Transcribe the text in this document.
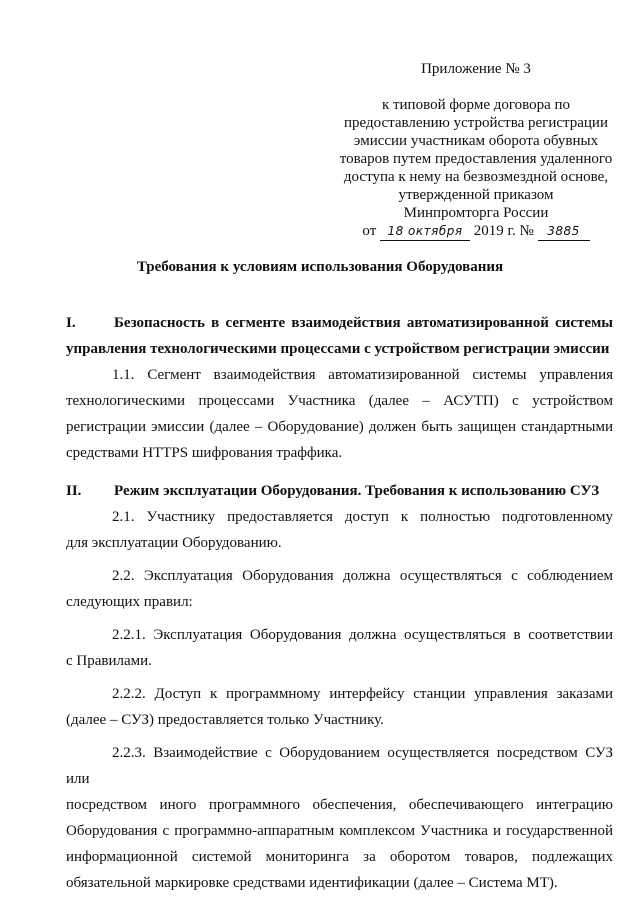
Приложение № 3
к типовой форме договора по
предоставлению устройства регистрации
эмиссии участникам оборота обувных
товаров путем предоставления удаленного
доступа к нему на безвозмездной основе,
утвержденной приказом
Минпромторга России
от 18 октября 2019 г. № 3885
Требования к условиям использования Оборудования
I.	Безопасность в сегменте взаимодействия автоматизированной системы
управления технологическими процессами с устройством регистрации эмиссии
1.1. Сегмент взаимодействия автоматизированной системы управления
технологическими процессами Участника (далее – АСУТП) с устройством
регистрации эмиссии (далее – Оборудование) должен быть защищен стандартными
средствами HTTPS шифрования траффика.
II. Режим эксплуатации Оборудования. Требования к использованию СУЗ
2.1. Участнику предоставляется доступ к полностью подготовленному
для эксплуатации Оборудованию.
2.2. Эксплуатация Оборудования должна осуществляться с соблюдением
следующих правил:
2.2.1. Эксплуатация Оборудования должна осуществляться в соответствии
с Правилами.
2.2.2. Доступ к программному интерфейсу станции управления заказами
(далее – СУЗ) предоставляется только Участнику.
2.2.3. Взаимодействие с Оборудованием осуществляется посредством СУЗ или
посредством иного программного обеспечения, обеспечивающего интеграцию
Оборудования с программно-аппаратным комплексом Участника и государственной
информационной системой мониторинга за оборотом товаров, подлежащих
обязательной маркировке средствами идентификации (далее – Система МТ).
